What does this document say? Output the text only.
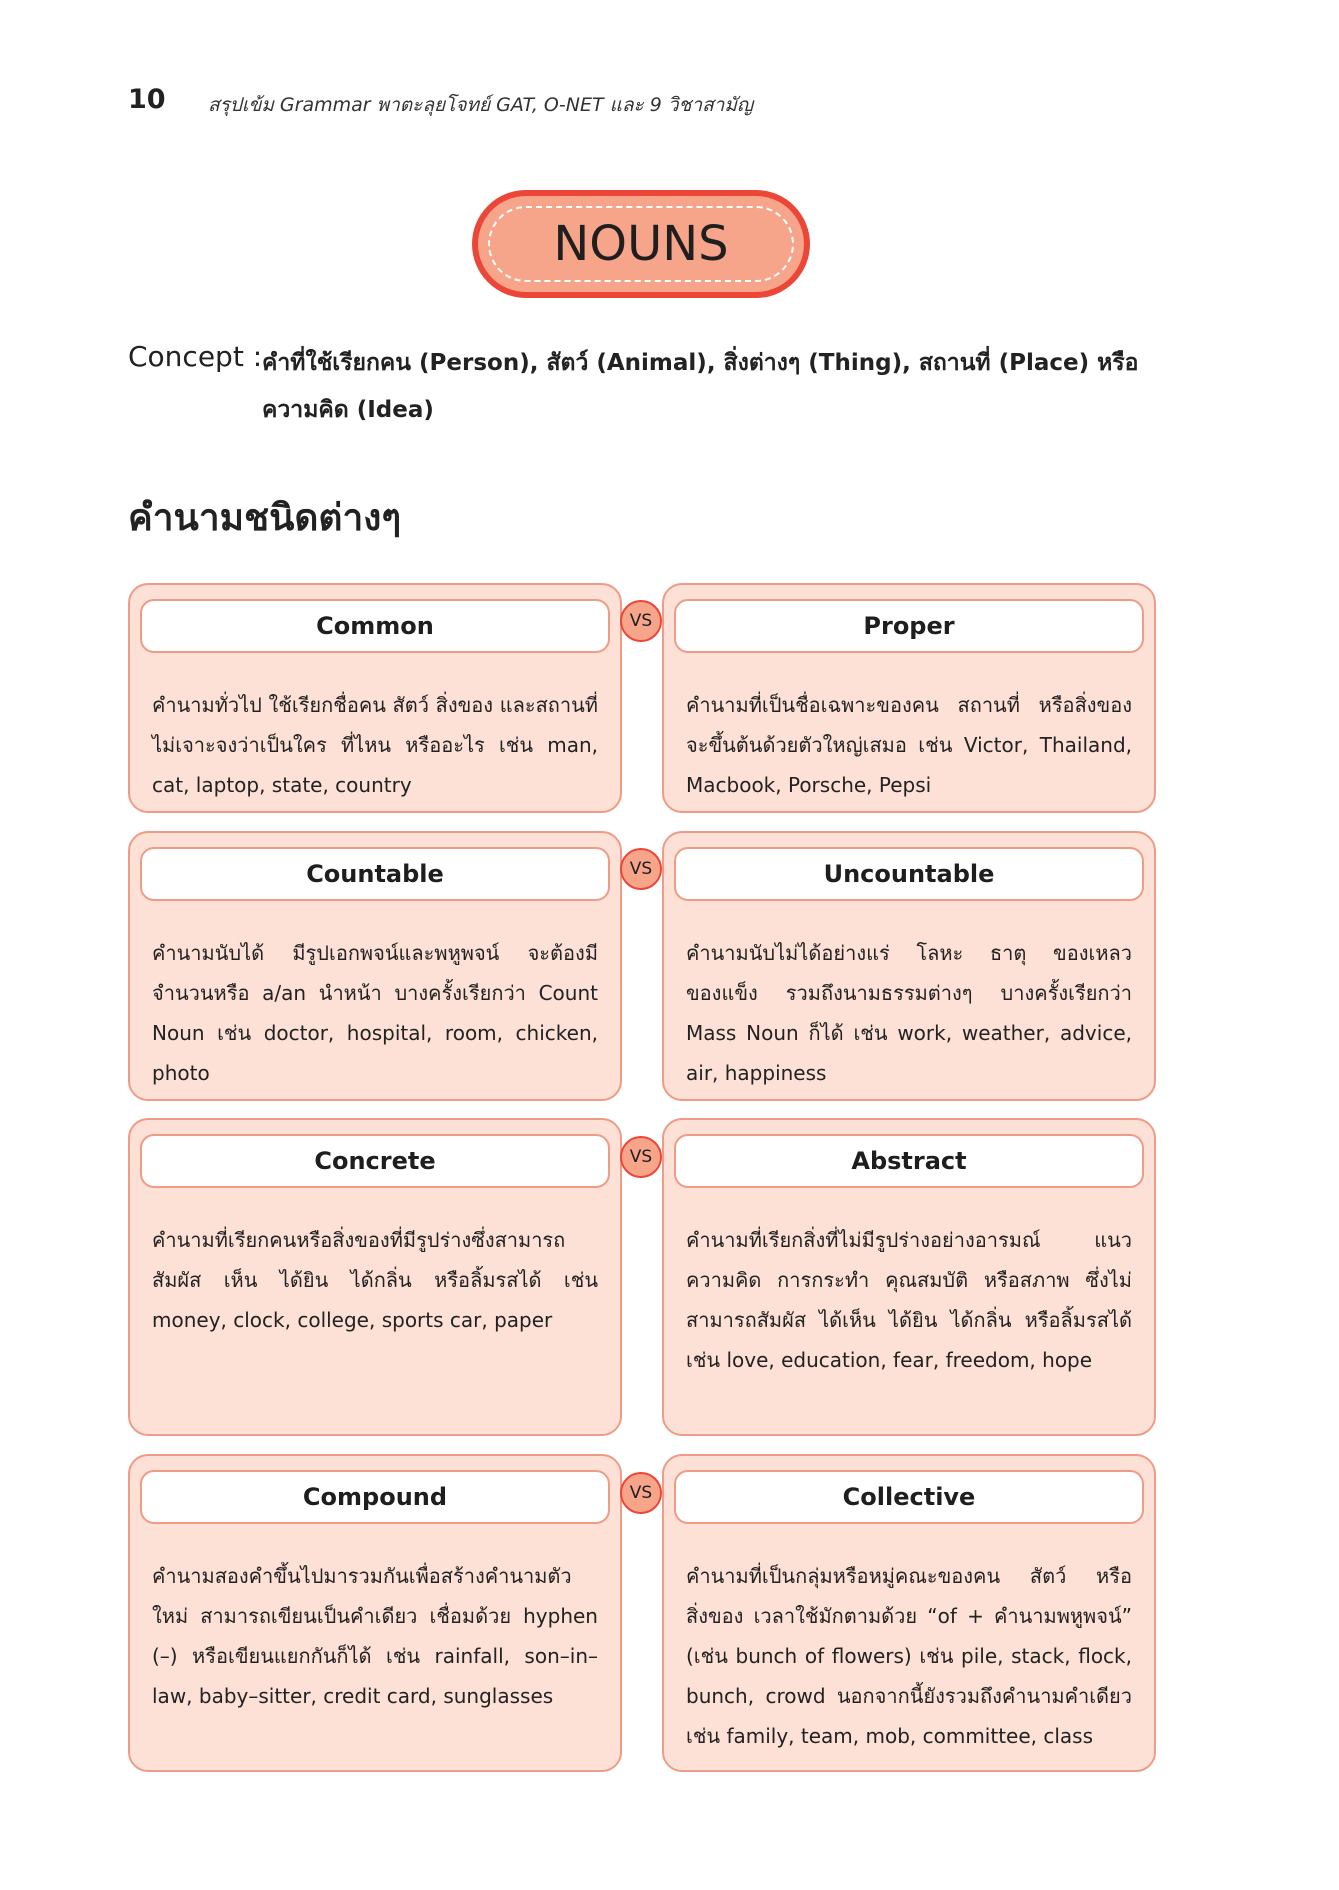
10 สรุปเข้ม Grammar พาตะลุยโจทย์ GAT, O-NET และ 9 วิชาสามัญ
NOUNS
Concept : คำที่ใช้เรียกคน (Person), สัตว์ (Animal), สิ่งต่างๆ (Thing), สถานที่ (Place) หรือความคิด (Idea)
คำนามชนิดต่างๆ
Common
คำนามทั่วไป ใช้เรียกชื่อคน สัตว์ สิ่งของ และสถานที่ ไม่เจาะจงว่าเป็นใคร ที่ไหน หรืออะไร เช่น man, cat, laptop, state, country
VS	Proper
คำนามที่เป็นชื่อเฉพาะของคน สถานที่ หรือสิ่งของ จะขึ้นต้นด้วยตัวใหญ่เสมอ เช่น Victor, Thailand, Macbook, Porsche, Pepsi
Countable
คำนามนับได้ มีรูปเอกพจน์และพหูพจน์ จะต้องมีจำนวนหรือ a/an นำหน้า บางครั้งเรียกว่า Count Noun เช่น doctor, hospital, room, chicken, photo
VS	Uncountable
คำนามนับไม่ได้อย่างแร่ โลหะ ธาตุ ของเหลว ของแข็ง รวมถึงนามธรรมต่างๆ บางครั้งเรียกว่า Mass Noun ก็ได้ เช่น work, weather, advice, air, happiness
Concrete
คำนามที่เรียกคนหรือสิ่งของที่มีรูปร่างซึ่งสามารถสัมผัส เห็น ได้ยิน ได้กลิ่น หรือลิ้มรสได้ เช่น money, clock, college, sports car, paper
VS	Abstract
คำนามที่เรียกสิ่งที่ไม่มีรูปร่างอย่างอารมณ์ แนวความคิด การกระทำ คุณสมบัติ หรือสภาพ ซึ่งไม่สามารถสัมผัส ได้เห็น ได้ยิน ได้กลิ่น หรือลิ้มรสได้ เช่น love, education, fear, freedom, hope
Compound
คำนามสองคำขึ้นไปมารวมกันเพื่อสร้างคำนามตัวใหม่ สามารถเขียนเป็นคำเดียว เชื่อมด้วย hyphen (–) หรือเขียนแยกกันก็ได้ เช่น rainfall, son–in–law, baby–sitter, credit card, sunglasses
VS	Collective
คำนามที่เป็นกลุ่มหรือหมู่คณะของคน สัตว์ หรือสิ่งของ เวลาใช้มักตามด้วย “of + คำนามพหูพจน์” (เช่น bunch of flowers) เช่น pile, stack, flock, bunch, crowd นอกจากนี้ยังรวมถึงคำนามคำเดียว เช่น family, team, mob, committee, class
